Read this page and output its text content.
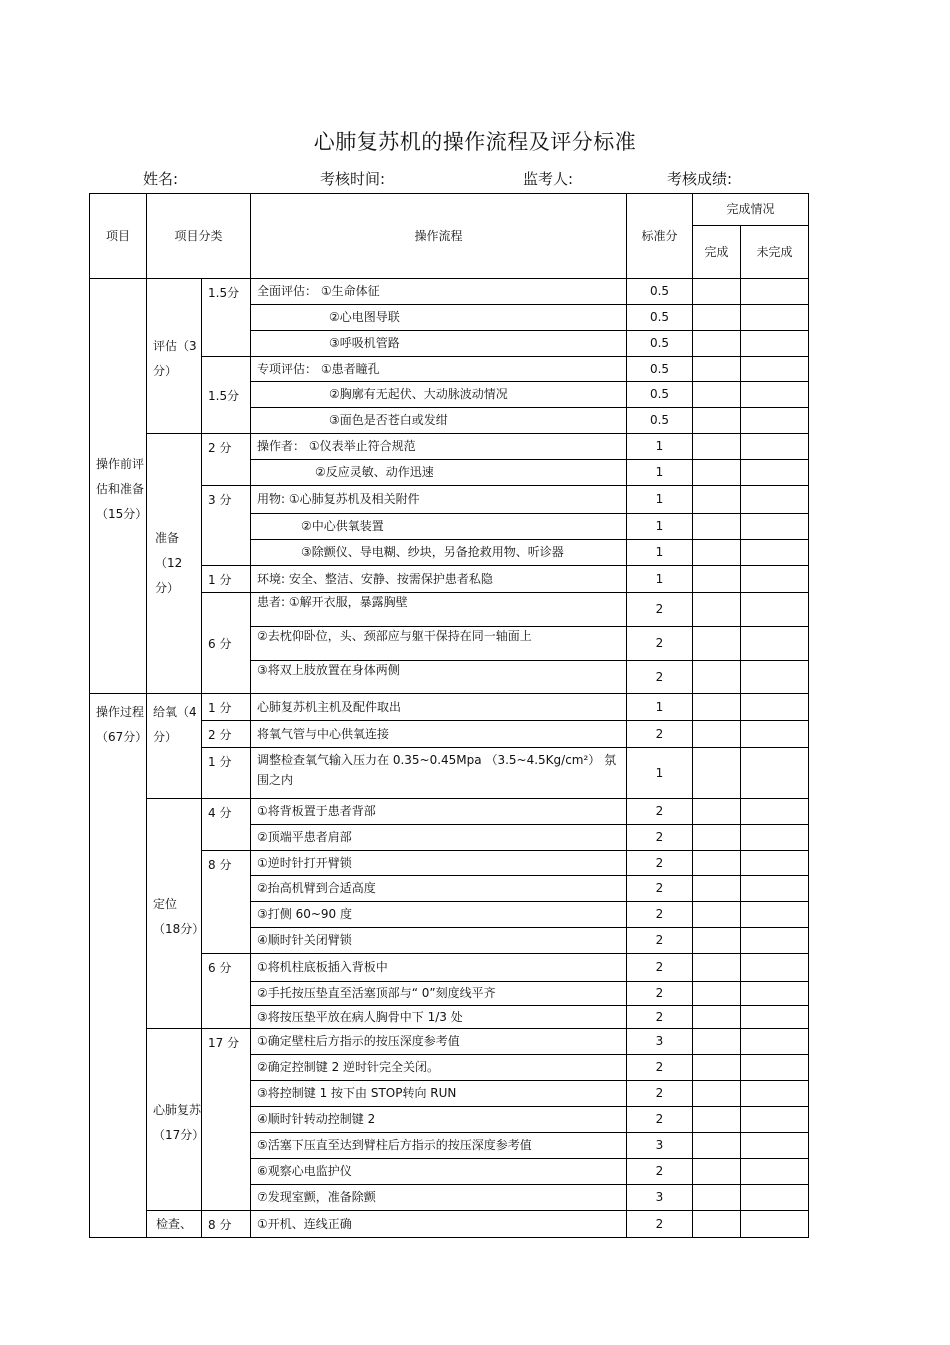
心肺复苏机的操作流程及评分标准
姓名:	考核时间:	监考人:	考核成绩:
项目	项目分类		操作流程	标准分	完成情况	
					完成	未完成
操作前评估和准备（15分）	评估（3分）	1.5分	全面评估： ①生命体征	0.5		
			②心电图导联	0.5		
			③呼吸机管路	0.5		
		1.5分	专项评估： ①患者瞳孔	0.5		
			②胸廓有无起伏、大动脉波动情况	0.5		
			③面色是否苍白或发绀	0.5		
	准备（12分）	2 分	操作者： ①仪表举止符合规范	1		
			②反应灵敏、动作迅速	1		
		3 分	用物: ①心肺复苏机及相关附件	1		
			②中心供氧装置	1		
			③除颤仪、导电糊、纱块，另备抢救用物、听诊器	1		
		1 分	环境: 安全、整洁、安静、按需保护患者私隐	1		
		6 分	患者: ①解开衣服，暴露胸壁	2		
			②去枕仰卧位，头、颈部应与躯干保持在同一轴面上	2		
			③将双上肢放置在身体两侧	2		
操作过程（67分）	给氧（4分）	1 分	心肺复苏机主机及配件取出	1		
		2 分	将氧气管与中心供氧连接	2		
		1 分	调整检查氧气输入压力在 0.35~0.45Mpa （3.5~4.5Kg/cm²） 氛围之内	1		
	定位（18分）	4 分	①将背板置于患者背部	2		
			②顶端平患者肩部	2		
		8 分	①逆时针打开臂锁	2		
			②抬高机臂到合适高度	2		
			③打侧 60~90 度	2		
			④顺时针关闭臂锁	2		
		6 分	①将机柱底板插入背板中	2		
			②手托按压垫直至活塞顶部与“ 0”刻度线平齐	2		
			③将按压垫平放在病人胸骨中下 1/3 处	2		
	心肺复苏（17分）	17 分	①确定壁柱后方指示的按压深度参考值	3		
			②确定控制键 2 逆时针完全关闭。	2		
			③将控制键 1 按下由 STOP转向 RUN	2		
			④顺时针转动控制键 2	2		
			⑤活塞下压直至达到臂柱后方指示的按压深度参考值	3		
			⑥观察心电监护仪	2		
			⑦发现室颤，准备除颤	3		
	检查、	8 分	①开机、连线正确	2		
